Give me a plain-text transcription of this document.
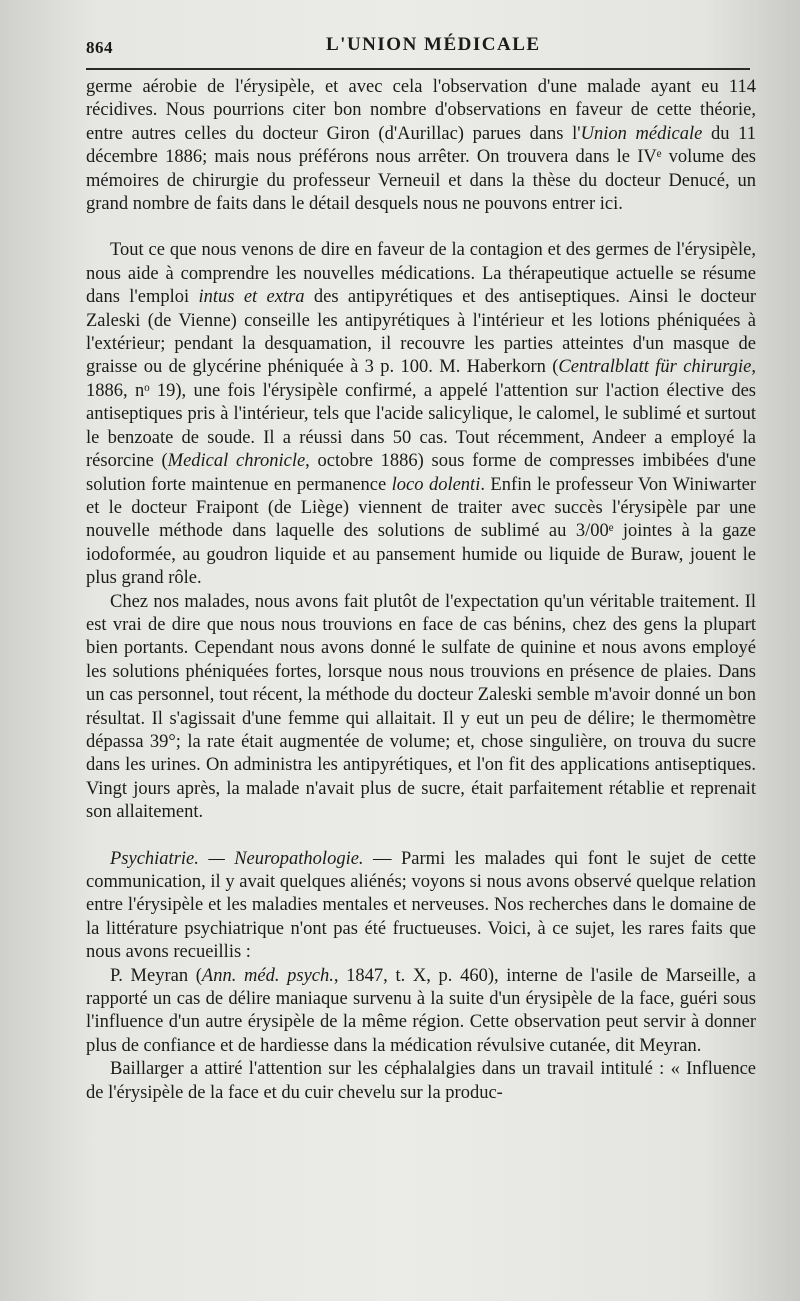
864	L'UNION MÉDICALE

germe aérobie de l'érysipèle, et avec cela l'observation d'une malade ayant eu 114 récidives. Nous pourrions citer bon nombre d'observations en faveur de cette théorie, entre autres celles du docteur Giron (d'Aurillac) parues dans l'Union médicale du 11 décembre 1886; mais nous préférons nous arrêter. On trouvera dans le IVᵉ volume des mémoires de chirurgie du professeur Verneuil et dans la thèse du docteur Denucé, un grand nombre de faits dans le détail desquels nous ne pouvons entrer ici.

Tout ce que nous venons de dire en faveur de la contagion et des germes de l'érysipèle, nous aide à comprendre les nouvelles médications. La thérapeutique actuelle se résume dans l'emploi intus et extra des antipyrétiques et des antiseptiques. Ainsi le docteur Zaleski (de Vienne) conseille les antipyrétiques à l'intérieur et les lotions phéniquées à l'extérieur; pendant la desquamation, il recouvre les parties atteintes d'un masque de graisse ou de glycérine phéniquée à 3 p. 100. M. Haberkorn (Centralblatt für chirurgie, 1886, nᵒ 19), une fois l'érysipèle confirmé, a appelé l'attention sur l'action élective des antiseptiques pris à l'intérieur, tels que l'acide salicylique, le calomel, le sublimé et surtout le benzoate de soude. Il a réussi dans 50 cas. Tout récemment, Andeer a employé la résorcine (Medical chronicle, octobre 1886) sous forme de compresses imbibées d'une solution forte maintenue en permanence loco dolenti. Enfin le professeur Von Winiwarter et le docteur Fraipont (de Liège) viennent de traiter avec succès l'érysipèle par une nouvelle méthode dans laquelle des solutions de sublimé au 3/00ᵉ jointes à la gaze iodoformée, au goudron liquide et au pansement humide ou liquide de Buraw, jouent le plus grand rôle.

Chez nos malades, nous avons fait plutôt de l'expectation qu'un véritable traitement. Il est vrai de dire que nous nous trouvions en face de cas bénins, chez des gens la plupart bien portants. Cependant nous avons donné le sulfate de quinine et nous avons employé les solutions phéniquées fortes, lorsque nous nous trouvions en présence de plaies. Dans un cas personnel, tout récent, la méthode du docteur Zaleski semble m'avoir donné un bon résultat. Il s'agissait d'une femme qui allaitait. Il y eut un peu de délire; le thermomètre dépassa 39°; la rate était augmentée de volume; et, chose singulière, on trouva du sucre dans les urines. On administra les antipyrétiques, et l'on fit des applications antiseptiques. Vingt jours après, la malade n'avait plus de sucre, était parfaitement rétablie et reprenait son allaitement.

Psychiatrie. — Neuropathologie. — Parmi les malades qui font le sujet de cette communication, il y avait quelques aliénés; voyons si nous avons observé quelque relation entre l'érysipèle et les maladies mentales et nerveuses. Nos recherches dans le domaine de la littérature psychiatrique n'ont pas été fructueuses. Voici, à ce sujet, les rares faits que nous avons recueillis :

P. Meyran (Ann. méd. psych., 1847, t. X, p. 460), interne de l'asile de Marseille, a rapporté un cas de délire maniaque survenu à la suite d'un érysipèle de la face, guéri sous l'influence d'un autre érysipèle de la même région. Cette observation peut servir à donner plus de confiance et de hardiesse dans la médication révulsive cutanée, dit Meyran.

Baillarger a attiré l'attention sur les céphalalgies dans un travail intitulé : « Influence de l'érysipèle de la face et du cuir chevelu sur la produc-
